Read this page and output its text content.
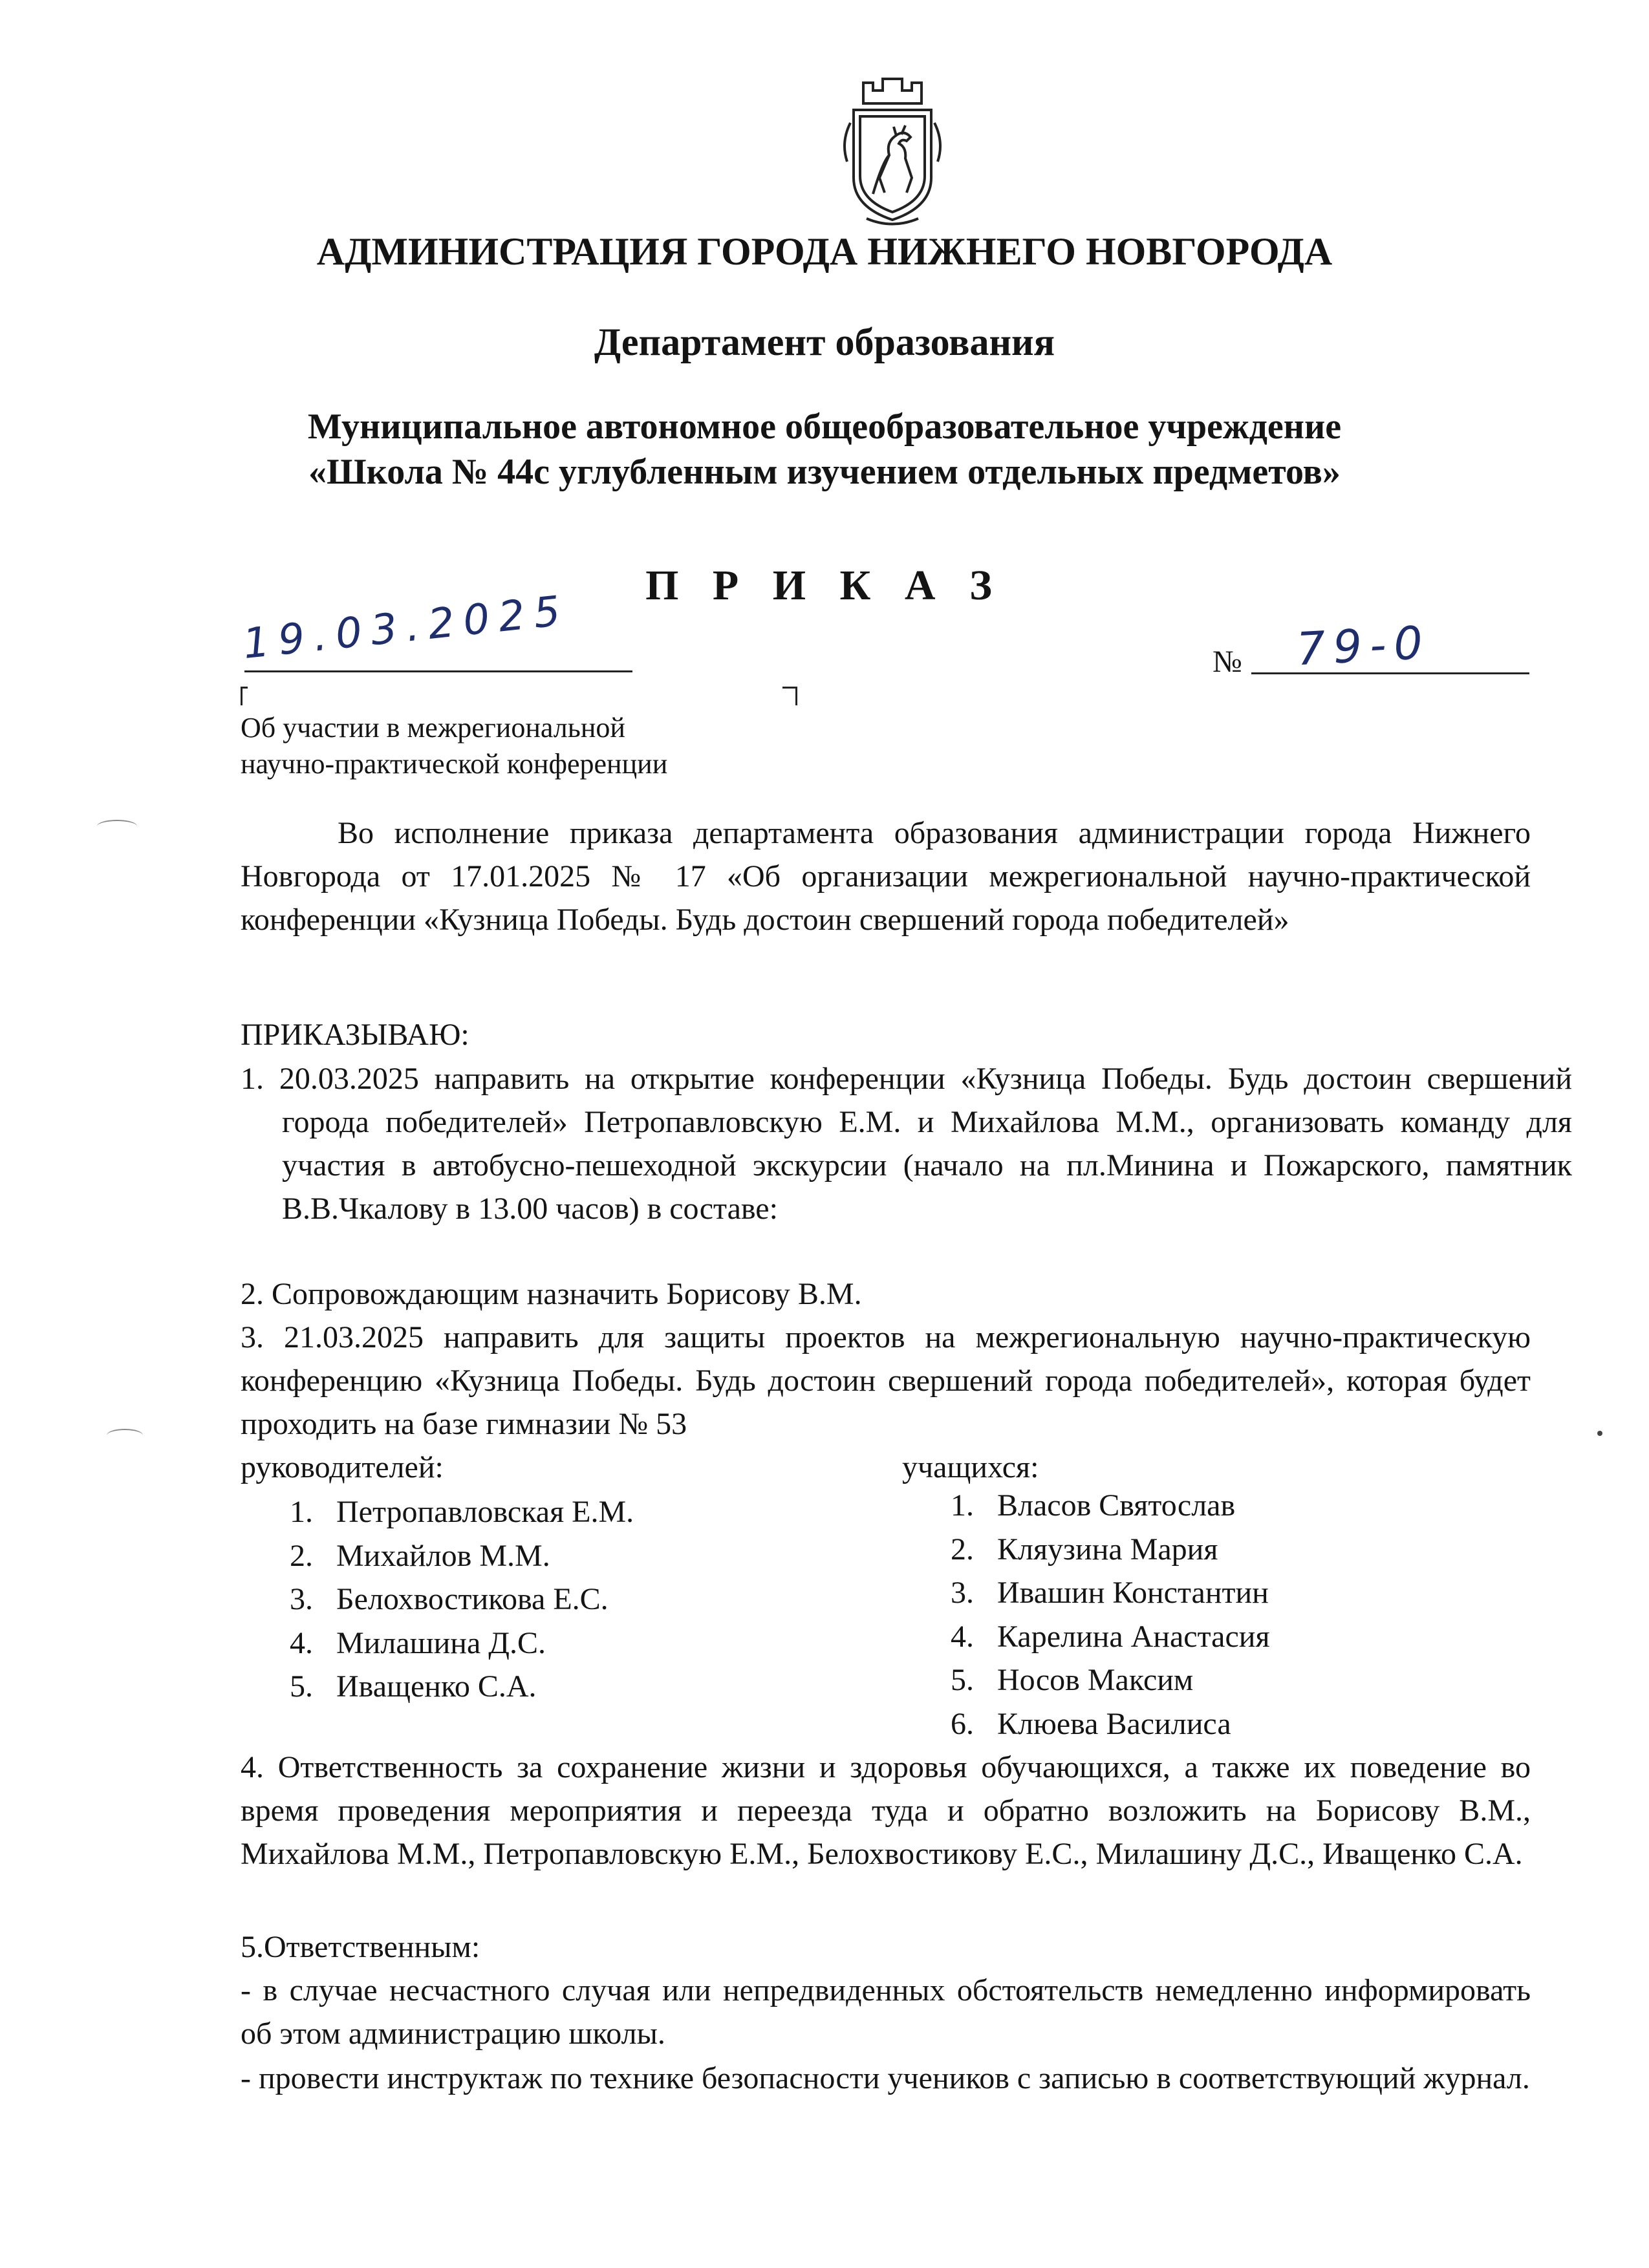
АДМИНИСТРАЦИЯ ГОРОДА НИЖНЕГО НОВГОРОДА
Департамент образования
Муниципальное автономное общеобразовательное учреждение
«Школа № 44с углубленным изучением отдельных предметов»
П Р И К А З
19.03.2025	№ 79-0
Об участии в межрегиональной
научно-практической конференции
Во исполнение приказа департамента образования администрации города Нижнего Новгорода от 17.01.2025 № 17 «Об организации межрегиональной научно-практической конференции «Кузница Победы. Будь достоин свершений города победителей»
ПРИКАЗЫВАЮ:
1. 20.03.2025 направить на открытие конференции «Кузница Победы. Будь достоин свершений города победителей» Петропавловскую Е.М. и Михайлова М.М., организовать команду для участия в автобусно-пешеходной экскурсии (начало на пл.Минина и Пожарского, памятник В.В.Чкалову в 13.00 часов) в составе:
2. Сопровождающим назначить Борисову В.М.
3. 21.03.2025 направить для защиты проектов на межрегиональную научно-практическую конференцию «Кузница Победы. Будь достоин свершений города победителей», которая будет проходить на базе гимназии № 53
руководителей:
1. Петропавловская Е.М.
2. Михайлов М.М.
3. Белохвостикова Е.С.
4. Милашина Д.С.
5. Иващенко С.А.
учащихся:
1. Власов Святослав
2. Кляузина Мария
3. Ивашин Константин
4. Карелина Анастасия
5. Носов Максим
6. Клюева Василиса
4. Ответственность за сохранение жизни и здоровья обучающихся, а также их поведение во время проведения мероприятия и переезда туда и обратно возложить на Борисову В.М., Михайлова М.М., Петропавловскую Е.М., Белохвостикову Е.С., Милашину Д.С., Иващенко С.А.
5.Ответственным:
- в случае несчастного случая или непредвиденных обстоятельств немедленно информировать об этом администрацию школы.
- провести инструктаж по технике безопасности учеников с записью в соответствующий журнал.
